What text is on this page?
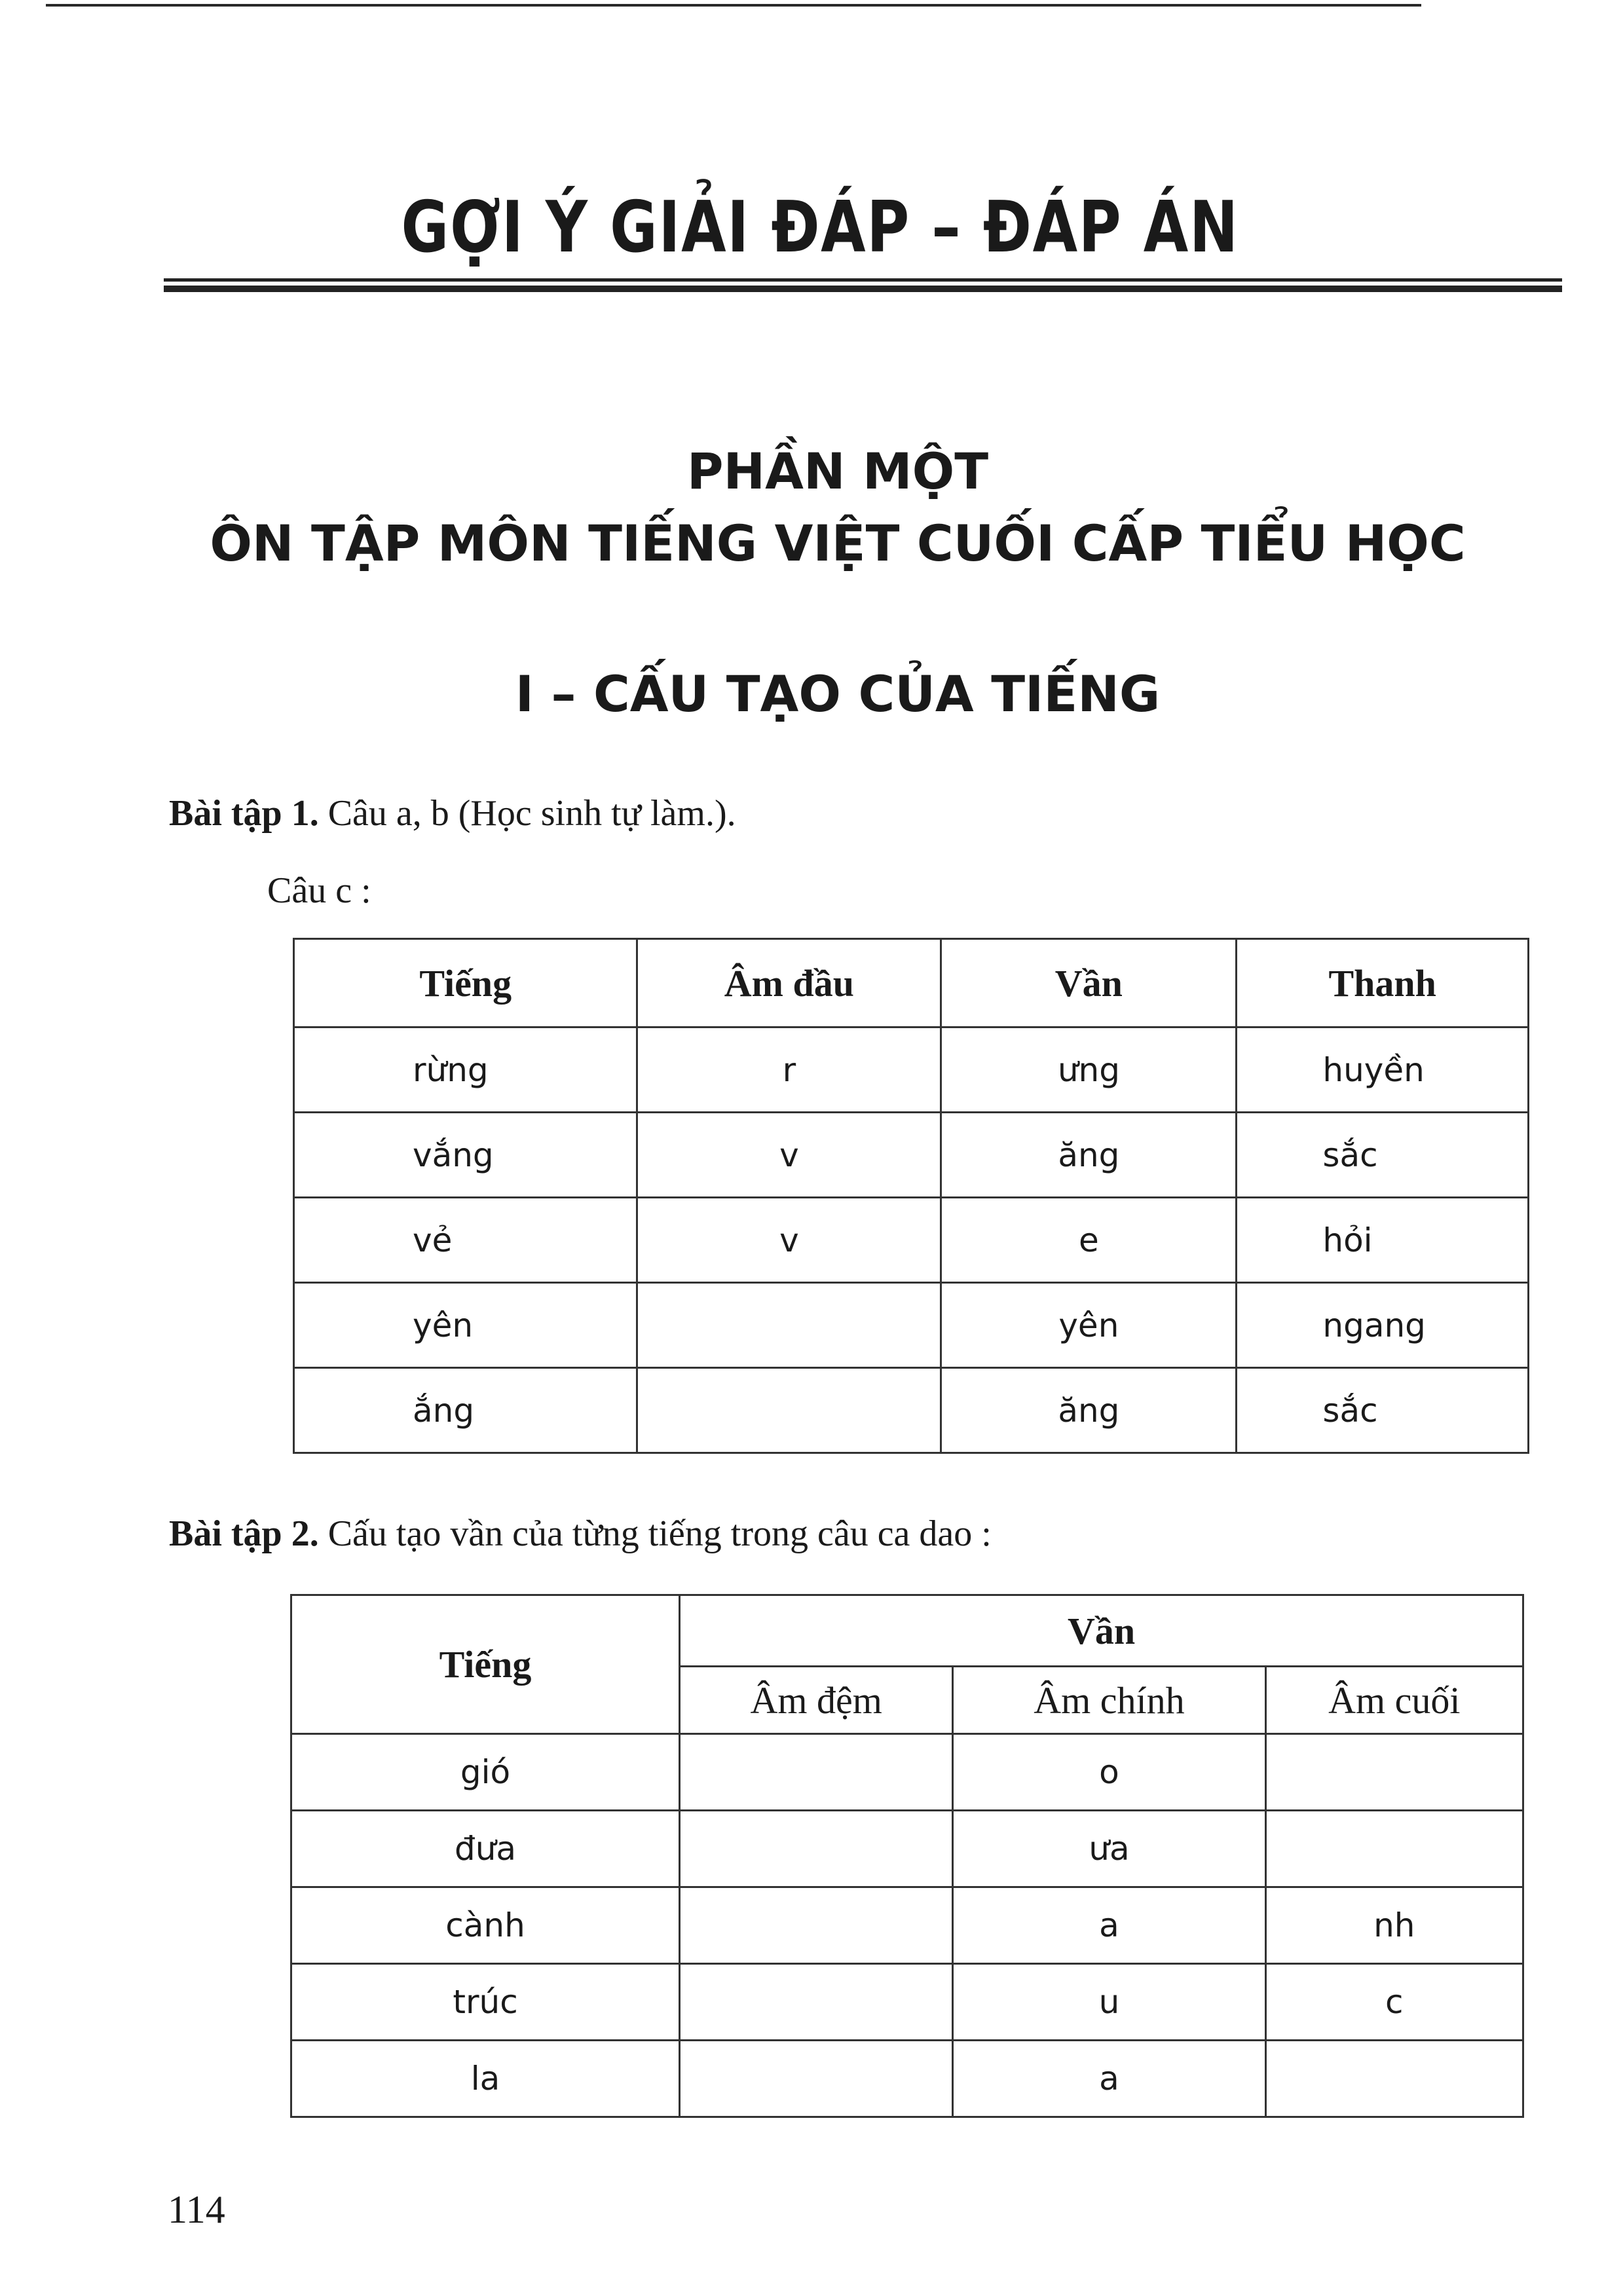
GỢI Ý GIẢI ĐÁP – ĐÁP ÁN
PHẦN MỘT
ÔN TẬP MÔN TIẾNG VIỆT CUỐI CẤP TIỂU HỌC
I – CẤU TẠO CỦA TIẾNG
Bài tập 1. Câu a, b (Học sinh tự làm.).
Câu c :
Tiếng	Âm đầu	Vần	Thanh
rừng	r	ưng	huyền
vắng	v	ăng	sắc
vẻ	v	e	hỏi
yên		yên	ngang
ắng		ăng	sắc
Bài tập 2. Cấu tạo vần của từng tiếng trong câu ca dao :
Tiếng	Vần		
	Âm đệm	Âm chính	Âm cuối
gió		o	
đưa		ưa	
cành		a	nh
trúc		u	c
la		a	
114
